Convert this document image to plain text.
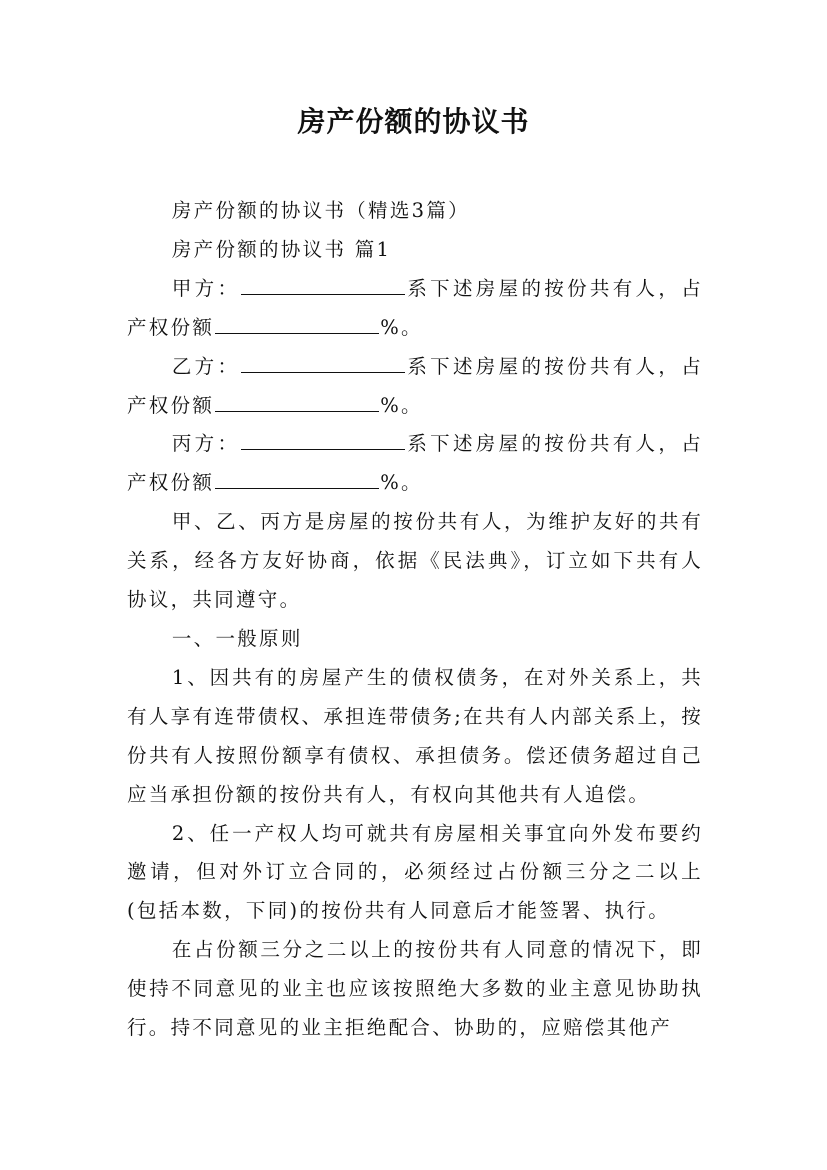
房产份额的协议书

房产份额的协议书（精选3篇）

房产份额的协议书 篇1

甲方：	系下述房屋的按份共有人，占产权份额	%。

乙方：	系下述房屋的按份共有人，占产权份额	%。

丙方：	系下述房屋的按份共有人，占产权份额	%。

甲、乙、丙方是房屋的按份共有人，为维护友好的共有关系，经各方友好协商，依据《民法典》，订立如下共有人协议，共同遵守。

一、一般原则

1、因共有的房屋产生的债权债务，在对外关系上，共有人享有连带债权、承担连带债务;在共有人内部关系上，按份共有人按照份额享有债权、承担债务。偿还债务超过自己应当承担份额的按份共有人，有权向其他共有人追偿。

2、任一产权人均可就共有房屋相关事宜向外发布要约邀请，但对外订立合同的，必须经过占份额三分之二以上(包括本数，下同)的按份共有人同意后才能签署、执行。

在占份额三分之二以上的按份共有人同意的情况下，即使持不同意见的业主也应该按照绝大多数的业主意见协助执行。持不同意见的业主拒绝配合、协助的，应赔偿其他产
